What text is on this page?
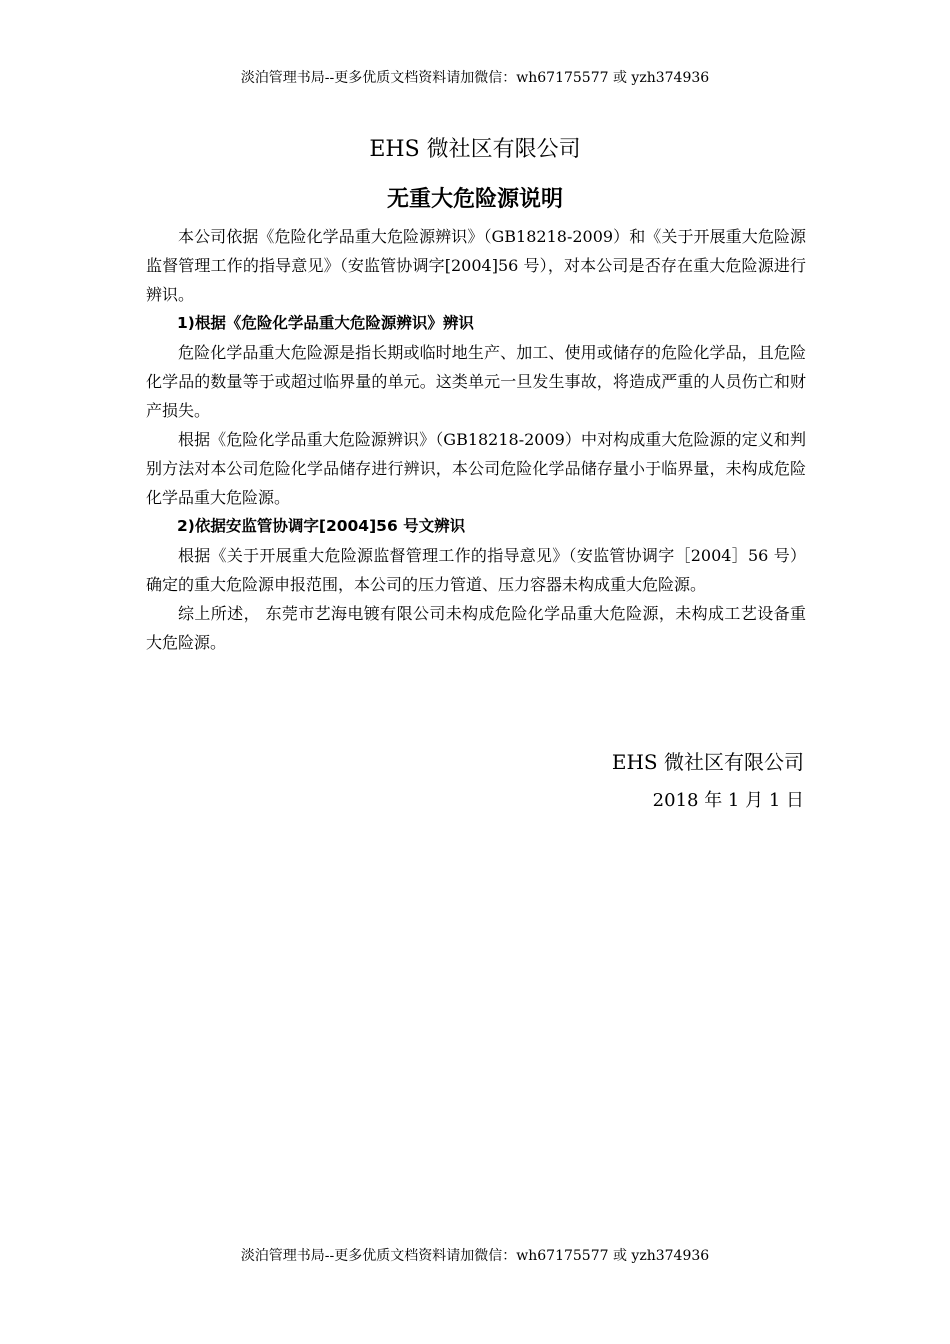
淡泊管理书局--更多优质文档资料请加微信：wh67175577 或 yzh374936
EHS 微社区有限公司
无重大危险源说明

本公司依据《危险化学品重大危险源辨识》（GB18218-2009）和《关于开展重大危险源监督管理工作的指导意见》（安监管协调字[2004]56 号），对本公司是否存在重大危险源进行辨识。

1)根据《危险化学品重大危险源辨识》辨识

危险化学品重大危险源是指长期或临时地生产、加工、使用或储存的危险化学品，且危险化学品的数量等于或超过临界量的单元。这类单元一旦发生事故，将造成严重的人员伤亡和财产损失。

根据《危险化学品重大危险源辨识》（GB18218-2009）中对构成重大危险源的定义和判别方法对本公司危险化学品储存进行辨识，本公司危险化学品储存量小于临界量，未构成危险化学品重大危险源。

2)依据安监管协调字[2004]56 号文辨识

根据《关于开展重大危险源监督管理工作的指导意见》（安监管协调字［2004］56 号）确定的重大危险源申报范围，本公司的压力管道、压力容器未构成重大危险源。

综上所述， 东莞市艺海电镀有限公司未构成危险化学品重大危险源，未构成工艺设备重大危险源。

EHS 微社区有限公司
2018 年 1 月 1 日
淡泊管理书局--更多优质文档资料请加微信：wh67175577 或 yzh374936
